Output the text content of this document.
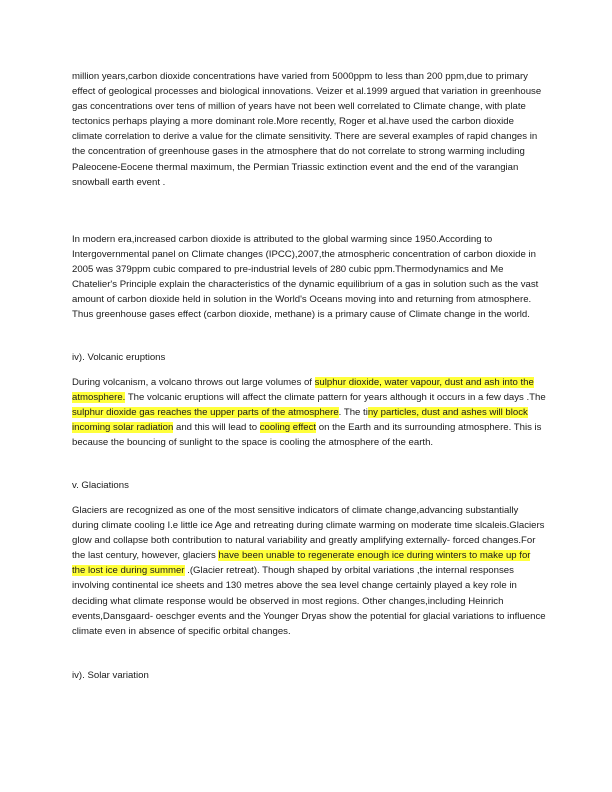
million years,carbon dioxide concentrations have varied from 5000ppm to less than 200 ppm,due to primary effect of geological processes and biological innovations. Veizer et al.1999 argued that variation in greenhouse gas concentrations over tens of million of years have not been well correlated to Climate change, with plate tectonics perhaps playing a more dominant role.More recently, Roger et al.have used the carbon dioxide climate correlation to derive a value for the climate sensitivity. There are several examples of rapid changes in the concentration of greenhouse gases in the atmosphere that do not correlate to strong warming including Paleocene-Eocene thermal maximum, the Permian Triassic extinction event and the end of the varangian snowball earth event .

In modern era,increased carbon dioxide is attributed to the global warming since 1950.According to Intergovernmental panel on Climate changes (IPCC),2007,the atmospheric concentration of carbon dioxide in 2005 was 379ppm cubic compared to pre-industrial levels of 280 cubic ppm.Thermodynamics and Me Chatelier's Principle explain the characteristics of the dynamic equilibrium of a gas in solution such as the vast amount of carbon dioxide held in solution in the World's Oceans moving into and returning from atmosphere. Thus greenhouse gases effect (carbon dioxide, methane) is a primary cause of Climate change in the world.

iv). Volcanic eruptions

During volcanism, a volcano throws out large volumes of sulphur dioxide, water vapour, dust and ash into the atmosphere. The volcanic eruptions will affect the climate pattern for years although it occurs in a few days .The sulphur dioxide gas reaches the upper parts of the atmosphere. The tiny particles, dust and ashes will block incoming solar radiation and this will lead to cooling effect on the Earth and its surrounding atmosphere. This is because the bouncing of sunlight to the space is cooling the atmosphere of the earth.

v. Glaciations

Glaciers are recognized as one of the most sensitive indicators of climate change,advancing substantially during climate cooling I.e little ice Age and retreating during climate warming on moderate time slcaleis.Glaciers glow and collapse both contribution to natural variability and greatly amplifying externally- forced changes.For the last century, however, glaciers have been unable to regenerate enough ice during winters to make up for the lost ice during summer .(Glacier retreat). Though shaped by orbital variations ,the internal responses involving continental ice sheets and 130 metres above the sea level change certainly played a key role in deciding what climate response would be observed in most regions. Other changes,including Heinrich events,Dansgaard- oeschger events and the Younger Dryas show the potential for glacial variations to influence climate even in absence of specific orbital changes.

iv). Solar variation
